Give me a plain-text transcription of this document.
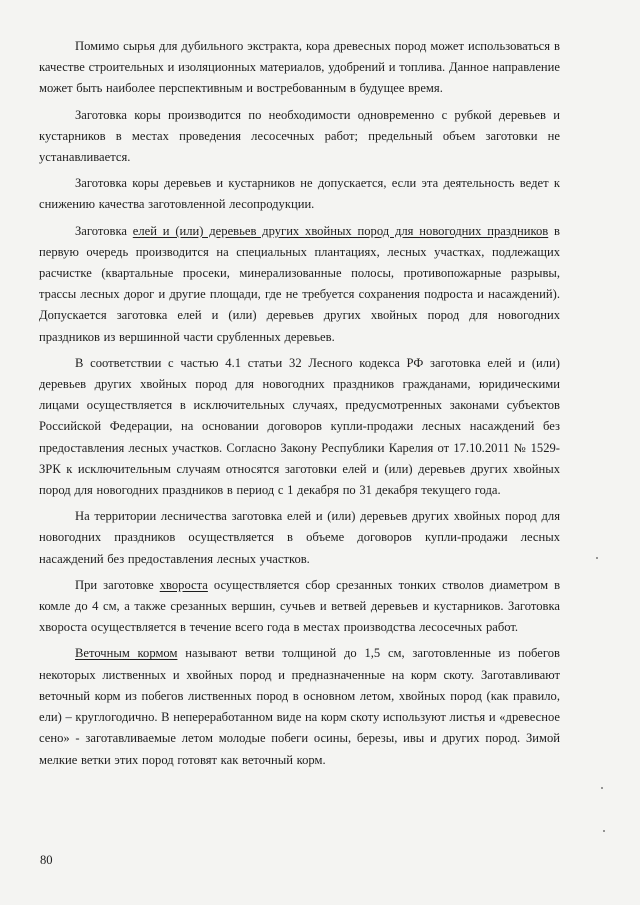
Помимо сырья для дубильного экстракта, кора древесных пород может использоваться в качестве строительных и изоляционных материалов, удобрений и топлива. Данное направление может быть наиболее перспективным и востребованным в будущее время.

Заготовка коры производится по необходимости одновременно с рубкой деревьев и кустарников в местах проведения лесосечных работ; предельный объем заготовки не устанавливается.

Заготовка коры деревьев и кустарников не допускается, если эта деятельность ведет к снижению качества заготовленной лесопродукции.

Заготовка елей и (или) деревьев других хвойных пород для новогодних праздников в первую очередь производится на специальных плантациях, лесных участках, подлежащих расчистке (квартальные просеки, минерализованные полосы, противопожарные разрывы, трассы лесных дорог и другие площади, где не требуется сохранения подроста и насаждений). Допускается заготовка елей и (или) деревьев других хвойных пород для новогодних праздников из вершинной части срубленных деревьев.

В соответствии с частью 4.1 статьи 32 Лесного кодекса РФ заготовка елей и (или) деревьев других хвойных пород для новогодних праздников гражданами, юридическими лицами осуществляется в исключительных случаях, предусмотренных законами субъектов Российской Федерации, на основании договоров купли-продажи лесных насаждений без предоставления лесных участков. Согласно Закону Республики Карелия от 17.10.2011 № 1529-ЗРК к исключительным случаям относятся заготовки елей и (или) деревьев других хвойных пород для новогодних праздников в период с 1 декабря по 31 декабря текущего года.

На территории лесничества заготовка елей и (или) деревьев других хвойных пород для новогодних праздников осуществляется в объеме договоров купли-продажи лесных насаждений без предоставления лесных участков.

При заготовке хвороста осуществляется сбор срезанных тонких стволов диаметром в комле до 4 см, а также срезанных вершин, сучьев и ветвей деревьев и кустарников. Заготовка хвороста осуществляется в течение всего года в местах производства лесосечных работ.

Веточным кормом называют ветви толщиной до 1,5 см, заготовленные из побегов некоторых лиственных и хвойных пород и предназначенные на корм скоту. Заготавливают веточный корм из побегов лиственных пород в основном летом, хвойных пород (как правило, ели) – круглогодично. В непереработанном виде на корм скоту используют листья и «древесное сено» - заготавливаемые летом молодые побеги осины, березы, ивы и других пород. Зимой мелкие ветки этих пород готовят как веточный корм.

80
